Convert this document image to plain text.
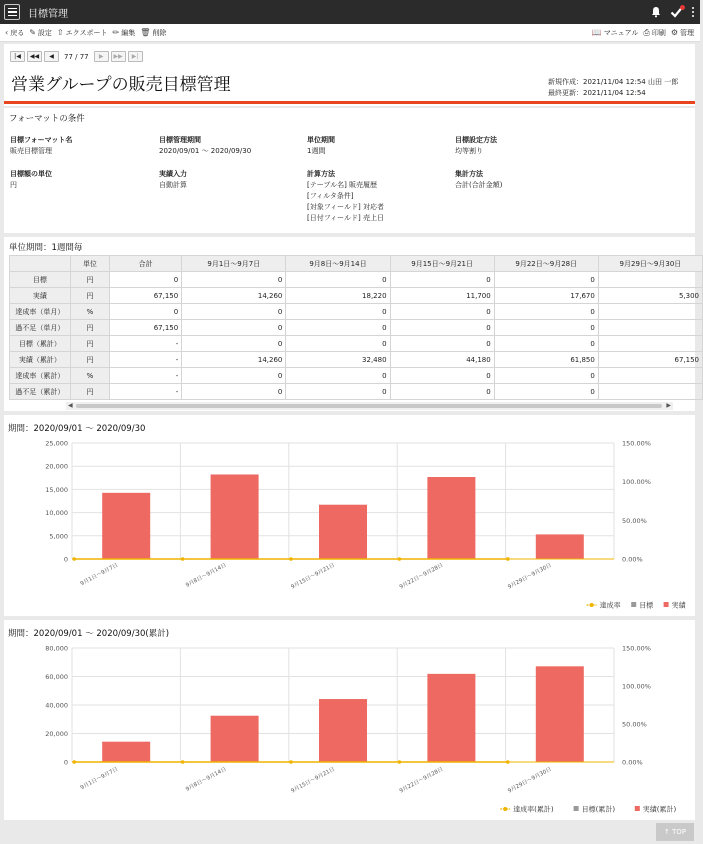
目標管理
‹ 戻る ✎ 設定 ⇧ エクスポート ✏ 編集 🗑 削除	📖 マニュアル ⎙ 印刷 ⚙ 管理
|◀	◀◀	◀	77 / 77	▶	▶▶	▶|
営業グループの販売目標管理	新規作成：2021/11/04 12:54 山田 一郎
最終更新：2021/11/04 12:54
フォーマットの条件
目標フォーマット名
販売目標管理
目標管理期間
2020/09/01 ～ 2020/09/30
単位期間
1週間
目標設定方法
均等割り
目標額の単位
円
実績入力
自動計算
計算方法
[テーブル名] 販売履歴
[フィルタ条件]
[対象フィールド] 対応者
[日付フィールド] 売上日
集計方法
合計(合計金額)
単位期間：1週間毎
	単位	合計	9月1日～9月7日	9月8日～9月14日	9月15日～9月21日	9月22日～9月28日	9月29日～9月30日
目標	円	0	0	0	0	0	
実績	円	67,150	14,260	18,220	11,700	17,670	5,300
達成率（単月）	%	0	0	0	0	0	
過不足（単月）	円	67,150	0	0	0	0	
目標（累計）	円	-	0	0	0	0	
実績（累計）	円	-	14,260	32,480	44,180	61,850	67,150
達成率（累計）	%	-	0	0	0	0	
過不足（累計）	円	-	0	0	0	0	
◀	▶
期間：2020/09/01 ～ 2020/09/30
0
5,000
10,000
15,000
20,000
25,000
0.00%
50.00%
100.00%
150.00%
9月1日～9月7日	9月8日～9月14日	9月15日～9月21日	9月22日～9月28日	9月29日～9月30日
実績
目標
達成率
期間：2020/09/01 ～ 2020/09/30(累計)
0
20,000
40,000
60,000
80,000
0.00%
50.00%
100.00%
150.00%
9月1日～9月7日	9月8日～9月14日	9月15日～9月21日	9月22日～9月28日	9月29日～9月30日
実績(累計)
目標(累計)
達成率(累計)
↑ TOP
